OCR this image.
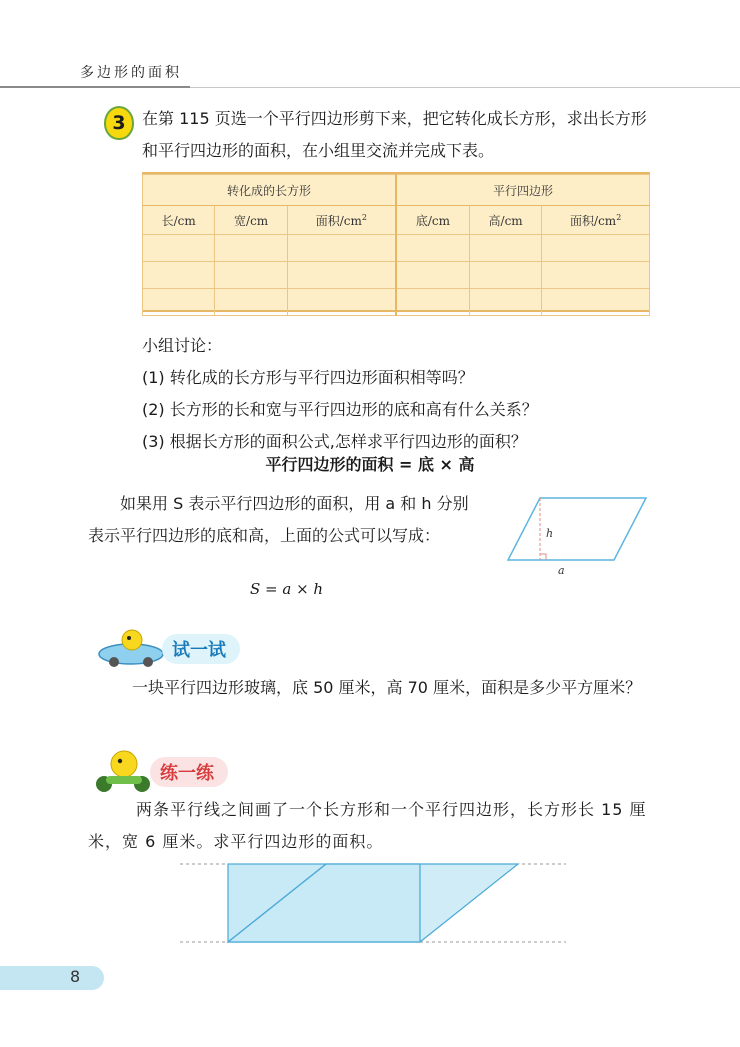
多边形的面积
3	在第 115 页选一个平行四边形剪下来，把它转化成长方形，求出长方形和平行四边形的面积，在小组里交流并完成下表。
转化成的长方形			平行四边形		
长/cm	宽/cm	面积$/cm^2$	底/cm	高/cm	面积$/cm^2$

小组讨论：
(1) 转化成的长方形与平行四边形面积相等吗？
(2) 长方形的长和宽与平行四边形的底和高有什么关系？
(3) 根据长方形的面积公式,怎样求平行四边形的面积？
平行四边形的面积 = 底 × 高
如果用 S 表示平行四边形的面积，用 a 和 h 分别表示平行四边形的底和高，上面的公式可以写成：
S = a × h
h
a
试一试
一块平行四边形玻璃，底 50 厘米，高 70 厘米，面积是多少平方厘米？
练一练
两条平行线之间画了一个长方形和一个平行四边形，长方形长 15 厘米，宽 6 厘米。求平行四边形的面积。
8
